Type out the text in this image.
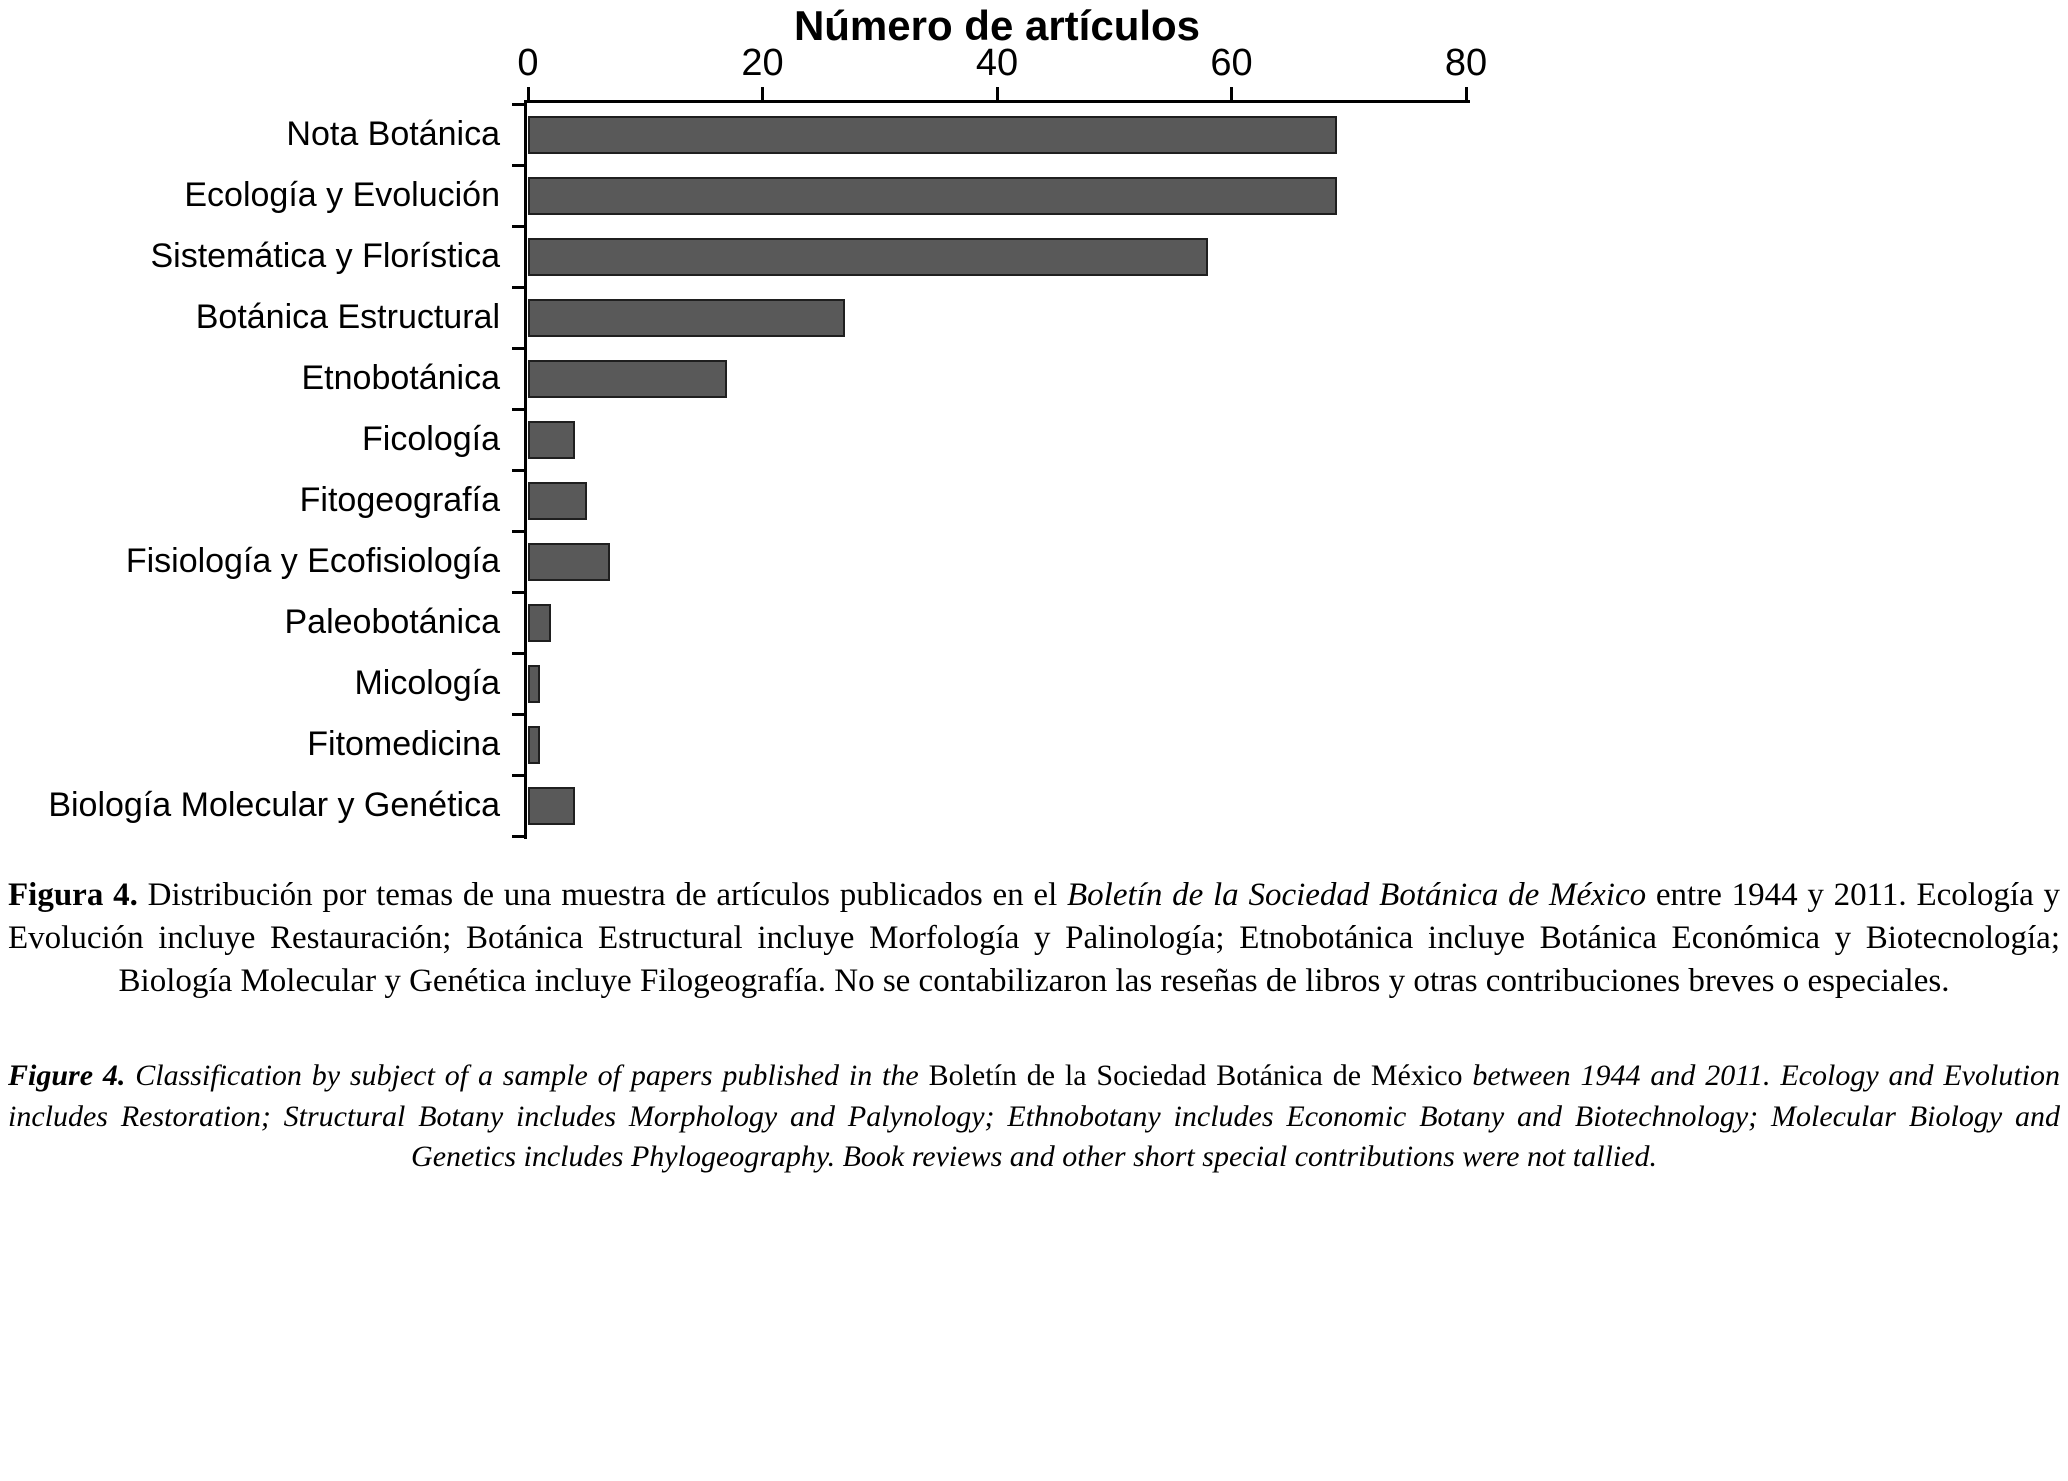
Número de artículos
0	20	40	60	80
Nota Botánica
Ecología y Evolución
Sistemática y Florística
Botánica Estructural
Etnobotánica
Ficología
Fitogeografía
Fisiología y Ecofisiología
Paleobotánica
Micología
Fitomedicina
Biología Molecular y Genética

Figura 4. Distribución por temas de una muestra de artículos publicados en el Boletín de la Sociedad Botánica de México entre 1944 y 2011. Ecología y Evolución incluye Restauración; Botánica Estructural incluye Morfología y Palinología; Etnobotánica incluye Botánica Económica y Biotecnología; Biología Molecular y Genética incluye Filogeografía. No se contabilizaron las reseñas de libros y otras contribuciones breves o especiales.

Figure 4. Classification by subject of a sample of papers published in the Boletín de la Sociedad Botánica de México between 1944 and 2011. Ecology and Evolution includes Restoration; Structural Botany includes Morphology and Palynology; Ethnobotany includes Economic Botany and Biotechnology; Molecular Biology and Genetics includes Phylogeography. Book reviews and other short special contributions were not tallied.
